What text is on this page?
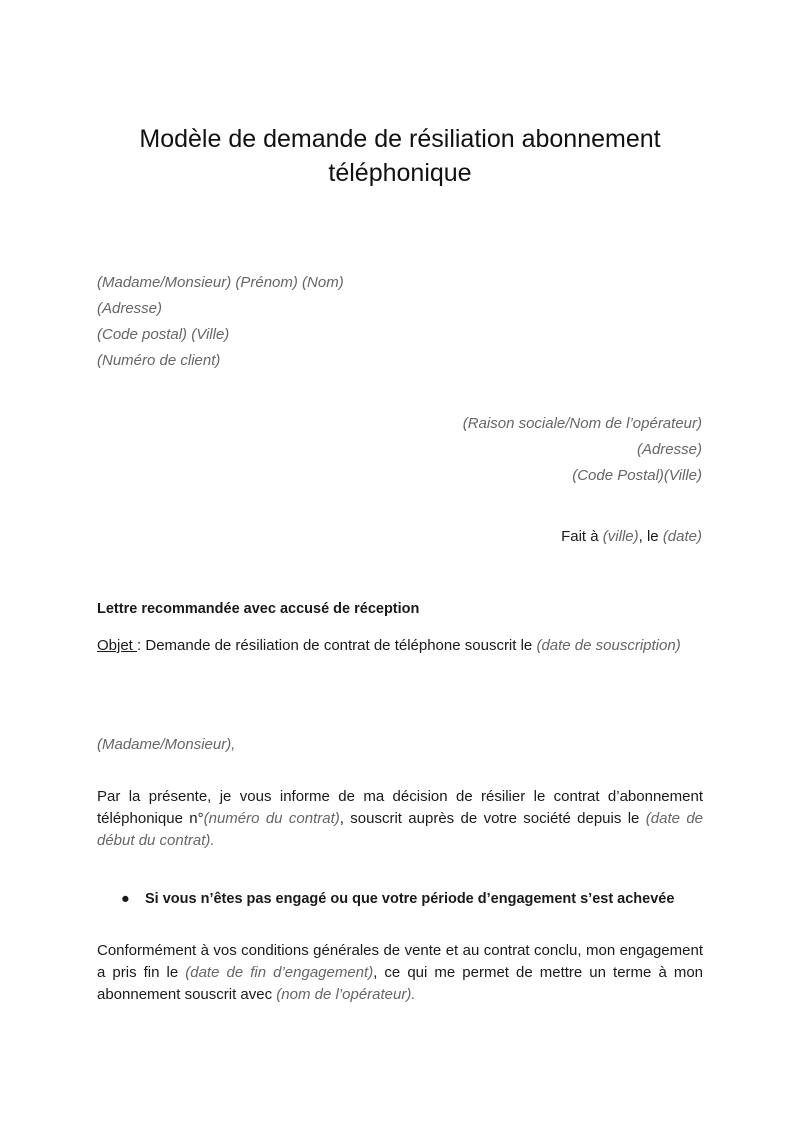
Modèle de demande de résiliation abonnement téléphonique
(Madame/Monsieur) (Prénom) (Nom)
(Adresse)
(Code postal) (Ville)
(Numéro de client)
(Raison sociale/Nom de l’opérateur)
(Adresse)
(Code Postal)(Ville)
Fait à (ville), le (date)
Lettre recommandée avec accusé de réception

Objet : Demande de résiliation de contrat de téléphone souscrit le (date de souscription)

(Madame/Monsieur),

Par la présente, je vous informe de ma décision de résilier le contrat d’abonnement téléphonique n°(numéro du contrat), souscrit auprès de votre société depuis le (date de début du contrat).

● Si vous n’êtes pas engagé ou que votre période d’engagement s’est achevée

Conformément à vos conditions générales de vente et au contrat conclu, mon engagement a pris fin le (date de fin d’engagement), ce qui me permet de mettre un terme à mon abonnement souscrit avec (nom de l’opérateur).
